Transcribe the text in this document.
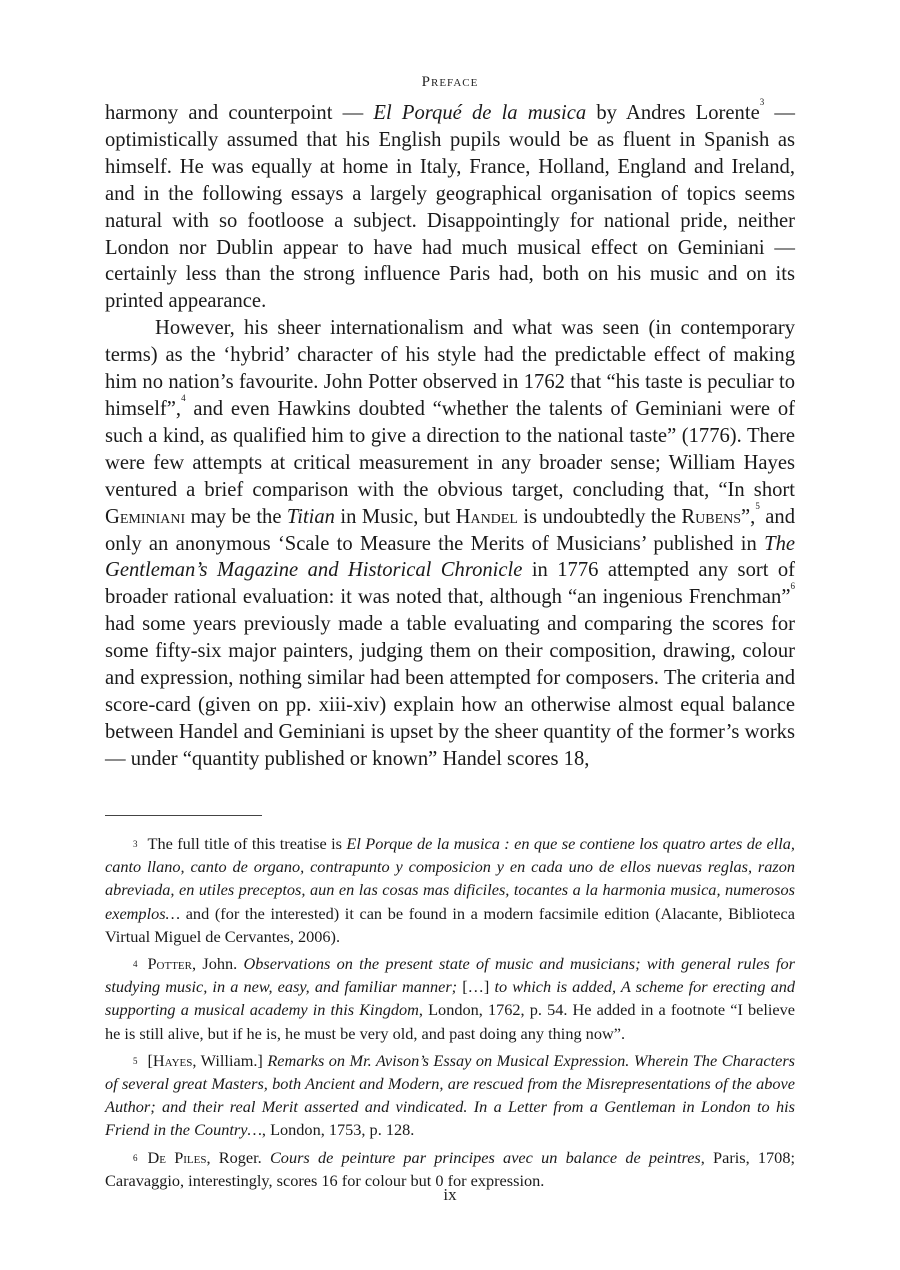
Preface

harmony and counterpoint — El Porqué de la musica by Andres Lorente$^3$ — optimistically assumed that his English pupils would be as fluent in Spanish as himself. He was equally at home in Italy, France, Holland, England and Ireland, and in the following essays a largely geographical organisation of topics seems natural with so footloose a subject. Disappointingly for national pride, neither London nor Dublin appear to have had much musical effect on Geminiani — certainly less than the strong influence Paris had, both on his music and on its printed appearance.

However, his sheer internationalism and what was seen (in contemporary terms) as the ‘hybrid’ character of his style had the predictable effect of making him no nation’s favourite. John Potter observed in 1762 that “his taste is peculiar to himself”,$^4$ and even Hawkins doubted “whether the talents of Geminiani were of such a kind, as qualified him to give a direction to the national taste” (1776). There were few attempts at critical measurement in any broader sense; William Hayes ventured a brief comparison with the obvious target, concluding that, “In short Geminiani may be the Titian in Music, but Handel is undoubtedly the Rubens”,$^5$ and only an anonymous ‘Scale to Measure the Merits of Musicians’ published in The Gentleman’s Magazine and Historical Chronicle in 1776 attempted any sort of broader rational evaluation: it was noted that, although “an ingenious Frenchman”$^6$ had some years previously made a table evaluating and comparing the scores for some fifty-six major painters, judging them on their composition, drawing, colour and expression, nothing similar had been attempted for composers. The criteria and score-card (given on pp. xiii-xiv) explain how an otherwise almost equal balance between Handel and Geminiani is upset by the sheer quantity of the former’s works — under “quantity published or known” Handel scores 18,

$^3$ The full title of this treatise is El Porque de la musica : en que se contiene los quatro artes de ella, canto llano, canto de organo, contrapunto y composicion y en cada uno de ellos nuevas reglas, razon abreviada, en utiles preceptos, aun en las cosas mas dificiles, tocantes a la harmonia musica, numerosos exemplos… and (for the interested) it can be found in a modern facsimile edition (Alacante, Biblioteca Virtual Miguel de Cervantes, 2006).

$^4$ Potter, John. Observations on the present state of music and musicians; with general rules for studying music, in a new, easy, and familiar manner; […] to which is added, A scheme for erecting and supporting a musical academy in this Kingdom, London, 1762, p. 54. He added in a footnote “I believe he is still alive, but if he is, he must be very old, and past doing any thing now”.

$^5$ [Hayes, William.] Remarks on Mr. Avison’s Essay on Musical Expression. Wherein The Characters of several great Masters, both Ancient and Modern, are rescued from the Misrepresentations of the above Author; and their real Merit asserted and vindicated. In a Letter from a Gentleman in London to his Friend in the Country…, London, 1753, p. 128.

$^6$ De Piles, Roger. Cours de peinture par principes avec un balance de peintres, Paris, 1708; Caravaggio, interestingly, scores 16 for colour but 0 for expression.

ix
